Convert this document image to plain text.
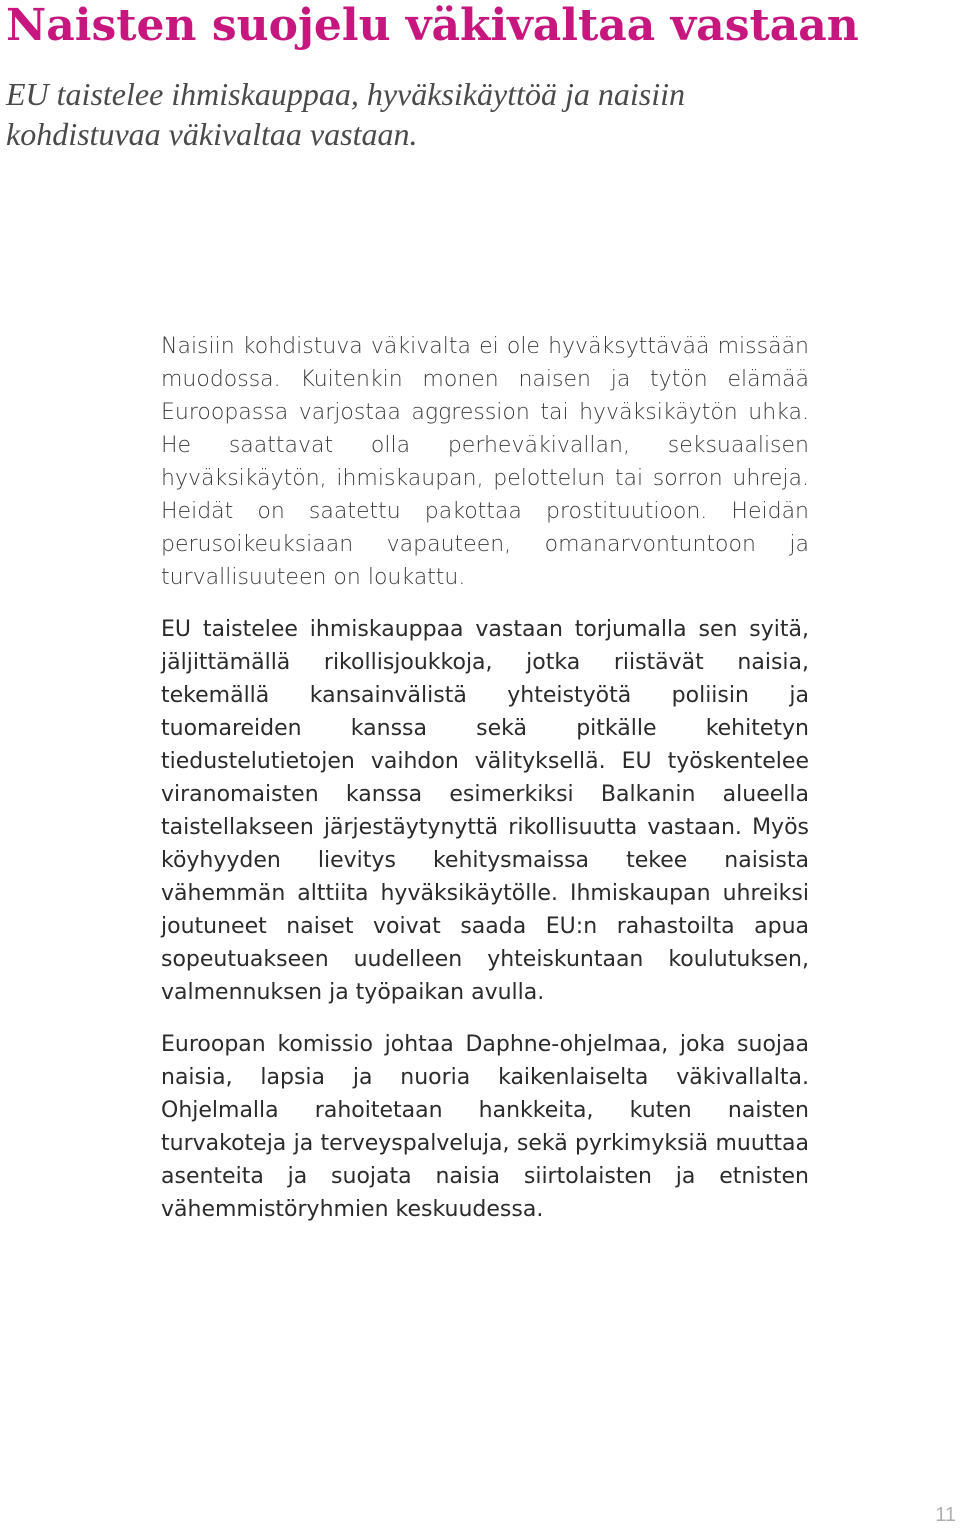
Naisten suojelu väkivaltaa vastaan

EU taistelee ihmiskauppaa, hyväksikäyttöä ja naisiin kohdistuvaa väkivaltaa vastaan.

Naisiin kohdistuva väkivalta ei ole hyväksyttävää missään muodossa. Kuitenkin monen naisen ja tytön elämää Euroopassa varjostaa aggression tai hyväksikäytön uhka. He saattavat olla perheväkivallan, seksuaalisen hyväksikäytön, ihmiskaupan, pelottelun tai sorron uhreja. Heidät on saatettu pakottaa prostituutioon. Heidän perusoikeuksiaan vapauteen, omanarvontuntoon ja turvallisuuteen on loukattu.

EU taistelee ihmiskauppaa vastaan torjumalla sen syitä, jäljittämällä rikollisjoukkoja, jotka riistävät naisia, tekemällä kansainvälistä yhteistyötä poliisin ja tuomareiden kanssa sekä pitkälle kehitetyn tiedustelutietojen vaihdon välityksellä. EU työskentelee viranomaisten kanssa esimerkiksi Balkanin alueella taistellakseen järjestäytynyttä rikollisuutta vastaan. Myös köyhyyden lievitys kehitysmaissa tekee naisista vähemmän alttiita hyväksikäytölle. Ihmiskaupan uhreiksi joutuneet naiset voivat saada EU:n rahastoilta apua sopeutuakseen uudelleen yhteiskuntaan koulutuksen, valmennuksen ja työpaikan avulla.

Euroopan komissio johtaa Daphne-ohjelmaa, joka suojaa naisia, lapsia ja nuoria kaikenlaiselta väkivallalta. Ohjelmalla rahoitetaan hankkeita, kuten naisten turvakoteja ja terveyspalveluja, sekä pyrkimyksiä muuttaa asenteita ja suojata naisia siirtolaisten ja etnisten vähemmistöryhmien keskuudessa.

11
